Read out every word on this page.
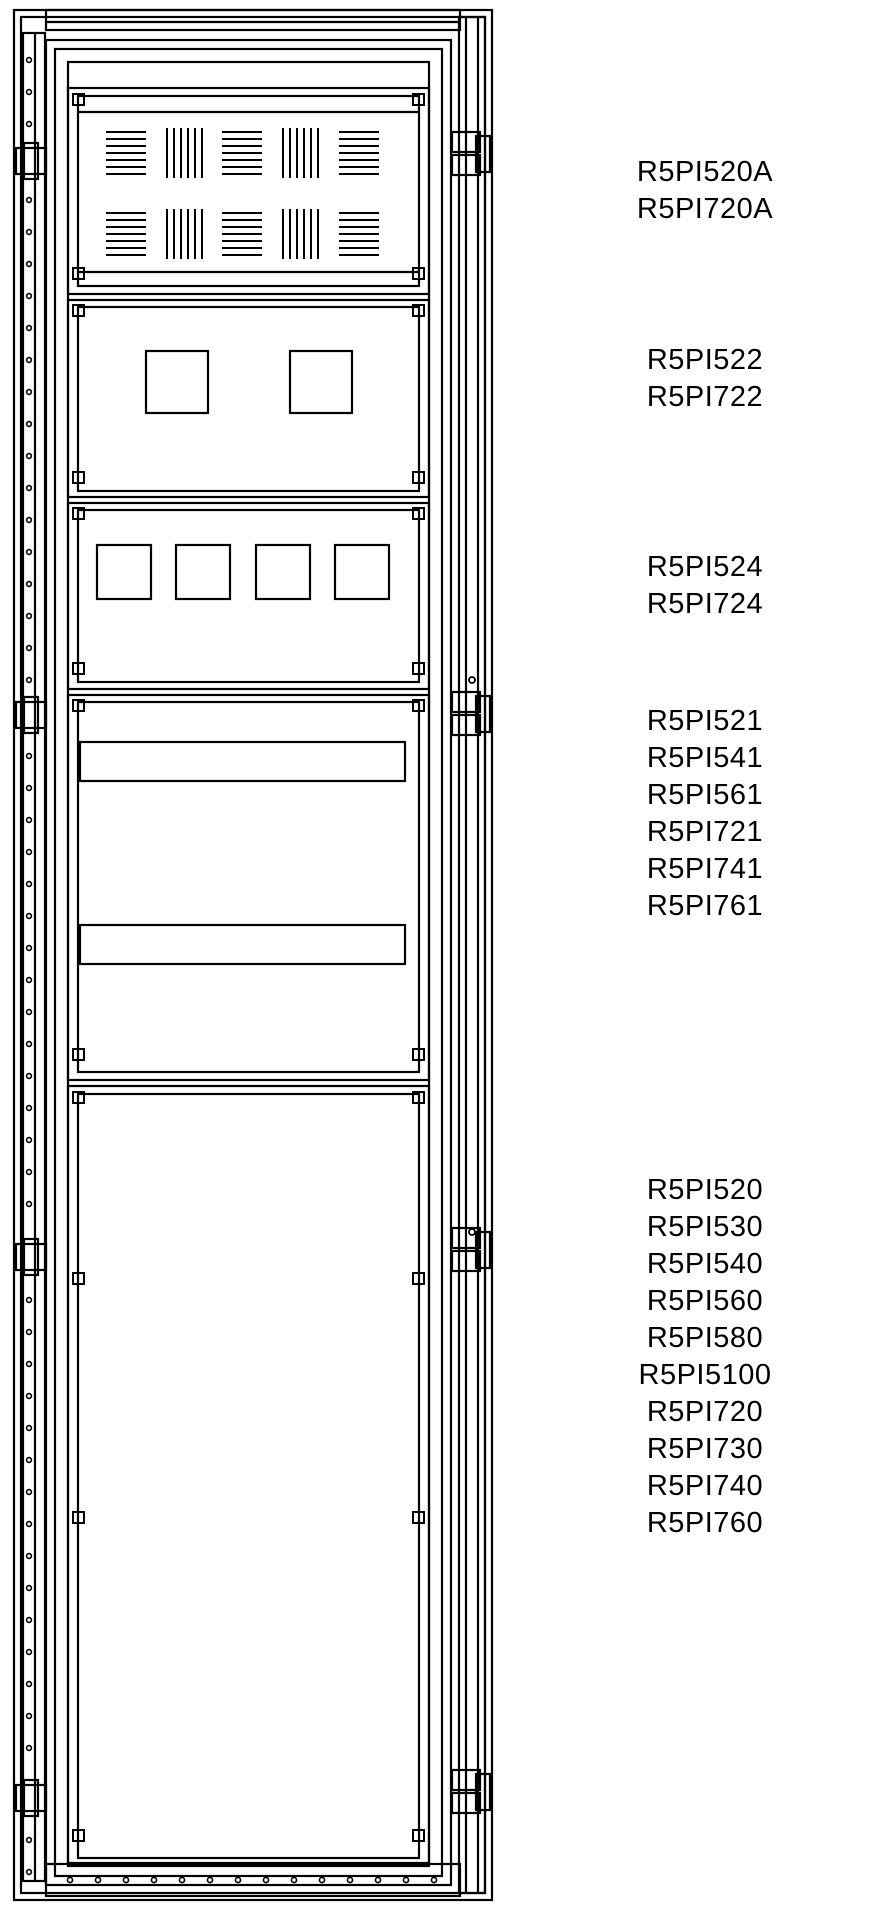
R5PI520A
R5PI720A
R5PI522
R5PI722
R5PI524
R5PI724
R5PI521
R5PI541
R5PI561
R5PI721
R5PI741
R5PI761
R5PI520
R5PI530
R5PI540
R5PI560
R5PI580
R5PI5100
R5PI720
R5PI730
R5PI740
R5PI760
